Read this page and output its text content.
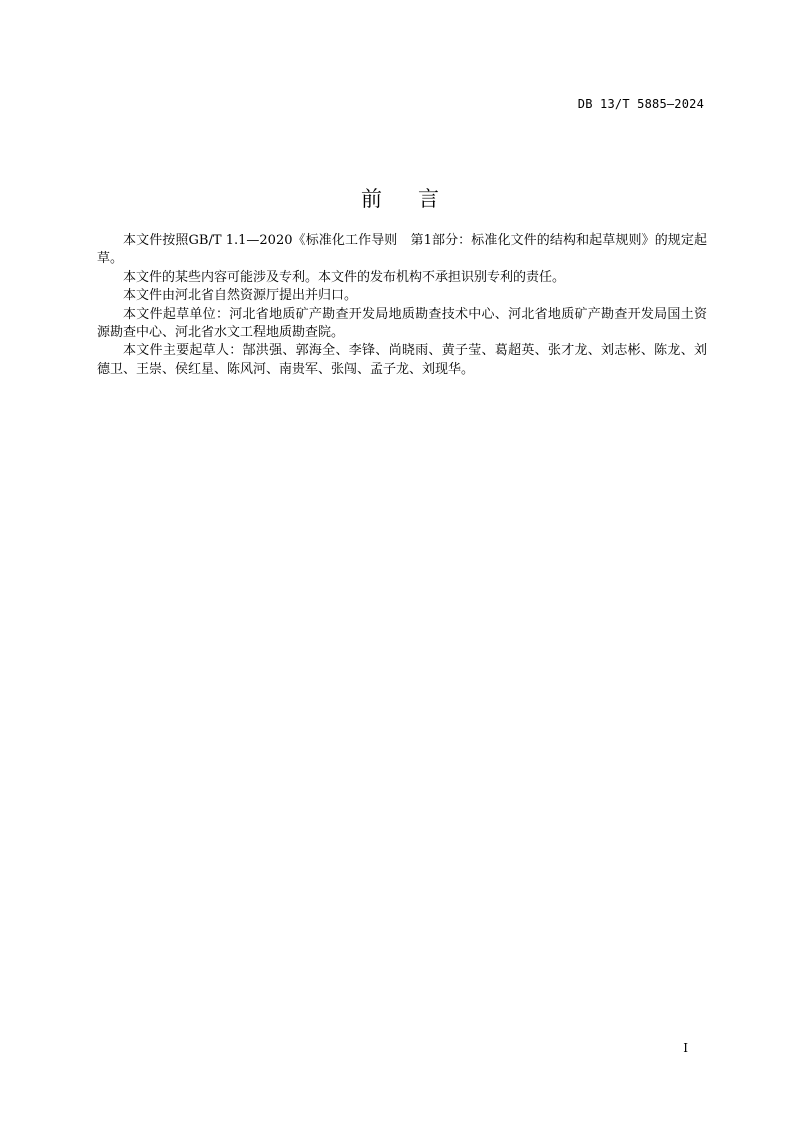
DB 13/T 5885—2024
前言

本文件按照GB/T 1.1—2020《标准化工作导则　第1部分：标准化文件的结构和起草规则》的规定起草。

本文件的某些内容可能涉及专利。本文件的发布机构不承担识别专利的责任。

本文件由河北省自然资源厅提出并归口。

本文件起草单位：河北省地质矿产勘查开发局地质勘查技术中心、河北省地质矿产勘查开发局国土资源勘查中心、河北省水文工程地质勘查院。

本文件主要起草人：郜洪强、郭海全、李锋、尚晓雨、黄子莹、葛超英、张才龙、刘志彬、陈龙、刘德卫、王崇、侯红星、陈风河、南贵军、张闯、孟子龙、刘现华。

I
